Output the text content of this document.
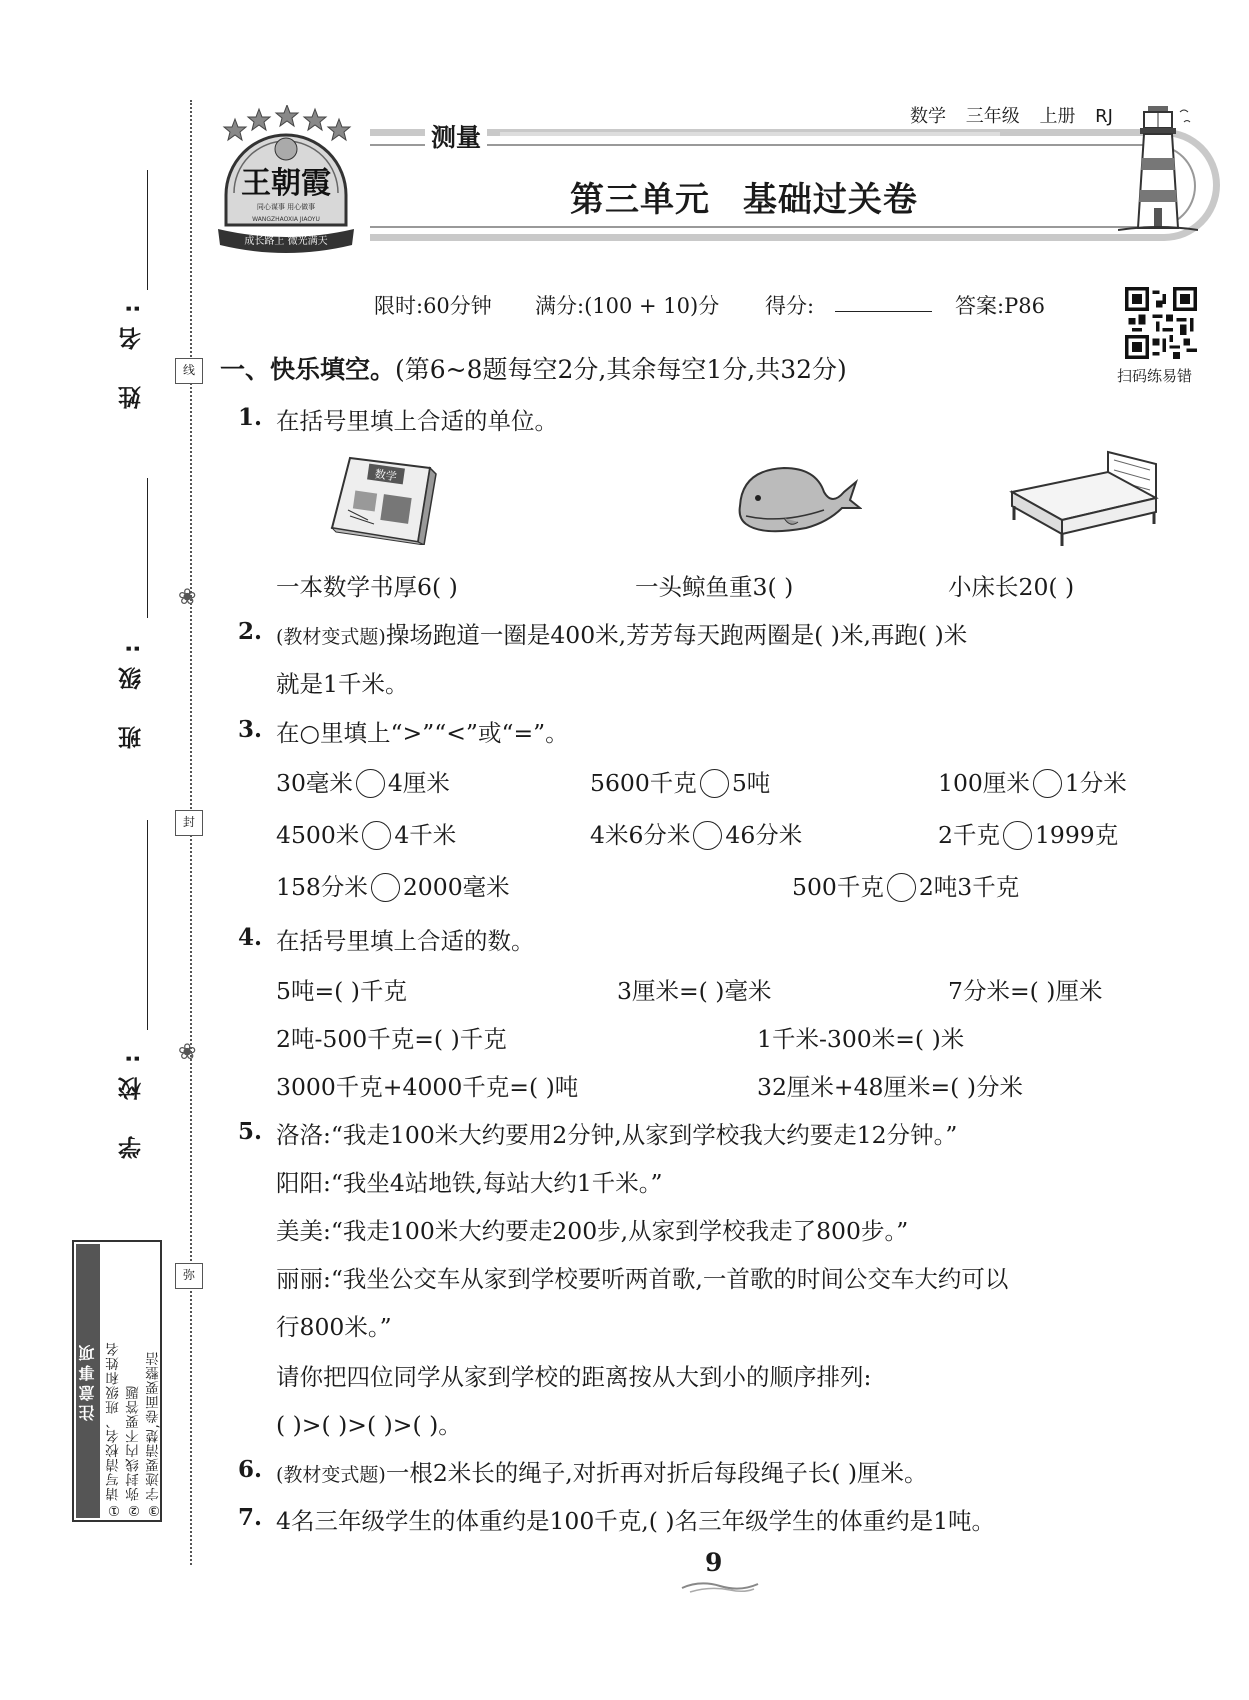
姓 名:
班 级:
学 校:
线
❀
封
❀
弥
注意事项 ①请写清校名、班级和姓名 ②弥封线内不要答题 ③字迹要清楚,卷面要整洁
测量
数学 三年级 上册 RJ
第三单元 基础过关卷
王朝霞
同心谋事 用心做事
WANGZHAOXIA JIAOYU
成长路上 微光满天
限时:60分钟 满分:(100 + 10)分 得分:	答案:P86
扫码练易错
一、快乐填空。(第6~8题每空2分,其余每空1分,共32分)
1. 在括号里填上合适的单位。
数学
一本数学书厚6( )	一头鲸鱼重3( )	小床长20( )
2. (教材变式题)操场跑道一圈是400米,芳芳每天跑两圈是( )米,再跑( )米
就是1千米。
3. 在○里填上“>”“<”或“=”。
30毫米 4厘米	5600千克 5吨	100厘米 1分米
4500米 4千米	4米6分米 46分米	2千克 1999克
158分米 2000毫米	500千克 2吨3千克
4. 在括号里填上合适的数。
5吨=( )千克	3厘米=( )毫米	7分米=( )厘米
2吨-500千克=( )千克	1千米-300米=( )米
3000千克+4000千克=( )吨	32厘米+48厘米=( )分米
5. 洛洛:“我走100米大约要用2分钟,从家到学校我大约要走12分钟。”
阳阳:“我坐4站地铁,每站大约1千米。”
美美:“我走100米大约要走200步,从家到学校我走了800步。”
丽丽:“我坐公交车从家到学校要听两首歌,一首歌的时间公交车大约可以
行800米。”
请你把四位同学从家到学校的距离按从大到小的顺序排列:
( )>( )>( )>( )。
6. (教材变式题)一根2米长的绳子,对折再对折后每段绳子长( )厘米。
7. 4名三年级学生的体重约是100千克,( )名三年级学生的体重约是1吨。
9
